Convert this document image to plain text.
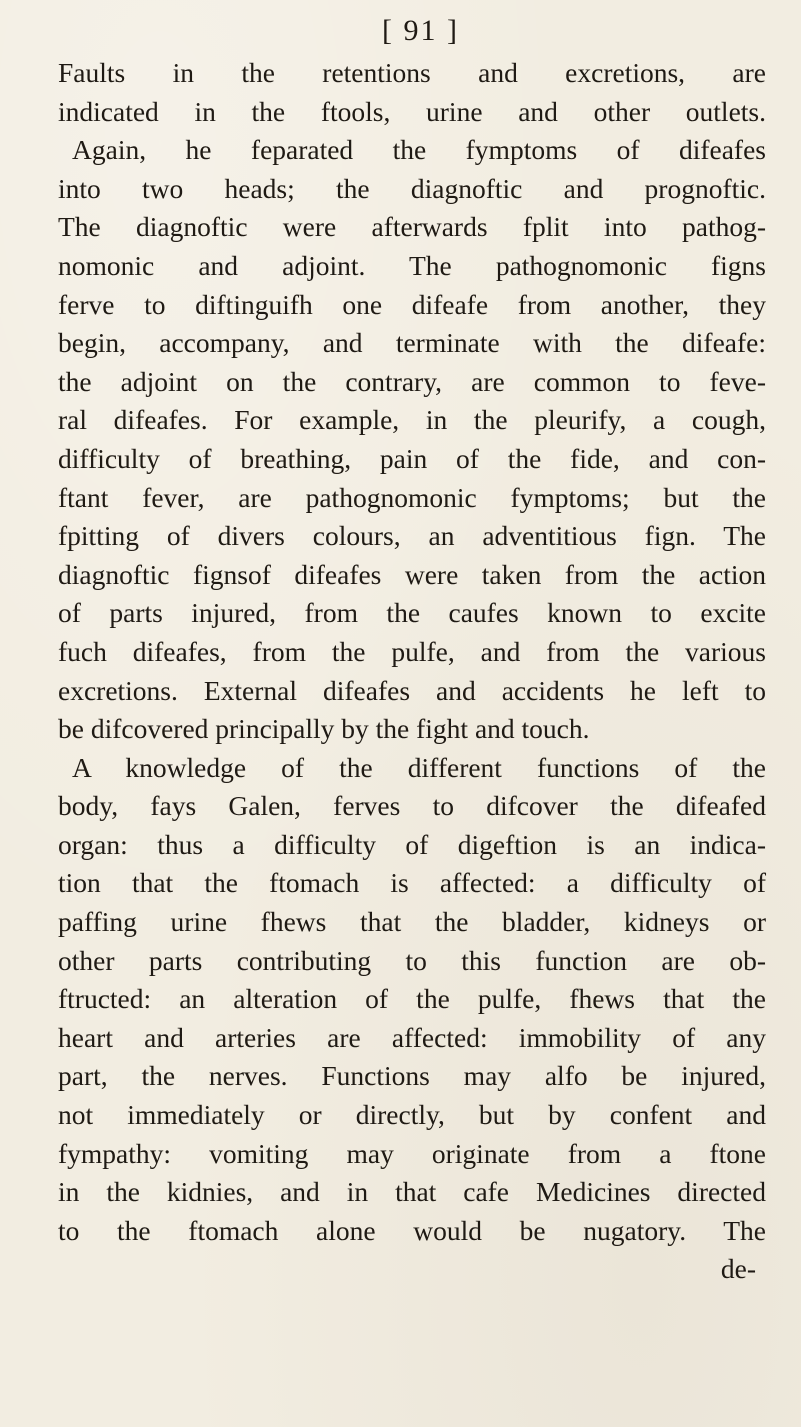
[ 91 ]
Faults in the retentions and excretions, are
indicated in the ftools, urine and other outlets.
Again, he feparated the fymptoms of difeafes
into two heads; the diagnoftic and prognoftic.
The diagnoftic were afterwards fplit into pathog-
nomonic and adjoint. The pathognomonic figns
ferve to diftinguifh one difeafe from another, they
begin, accompany, and terminate with the difeafe:
the adjoint on the contrary, are common to feve-
ral difeafes. For example, in the pleurify, a cough,
difficulty of breathing, pain of the fide, and con-
ftant fever, are pathognomonic fymptoms; but the
fpitting of divers colours, an adventitious fign. The
diagnoftic fignsof difeafes were taken from the action
of parts injured, from the caufes known to excite
fuch difeafes, from the pulfe, and from the various
excretions. External difeafes and accidents he left to
be difcovered principally by the fight and touch.
A knowledge of the different functions of the
body, fays Galen, ferves to difcover the difeafed
organ: thus a difficulty of digeftion is an indica-
tion that the ftomach is affected: a difficulty of
paffing urine fhews that the bladder, kidneys or
other parts contributing to this function are ob-
ftructed: an alteration of the pulfe, fhews that the
heart and arteries are affected: immobility of any
part, the nerves. Functions may alfo be injured,
not immediately or directly, but by confent and
fympathy: vomiting may originate from a ftone
in the kidnies, and in that cafe Medicines directed
to the ftomach alone would be nugatory. The
de-
